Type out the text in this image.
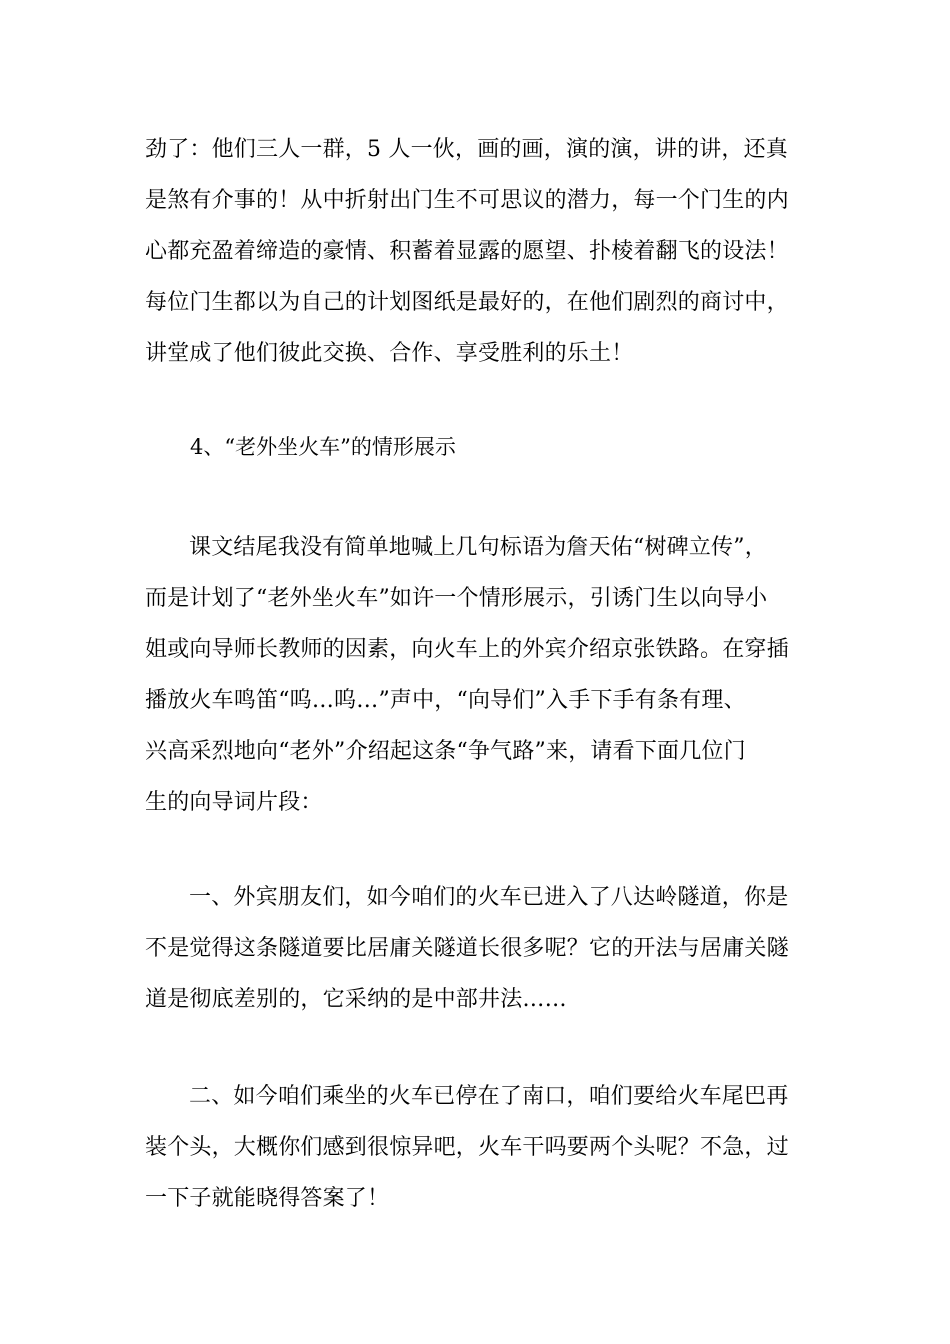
劲了：他们三人一群，5 人一伙，画的画，演的演，讲的讲，还真
是煞有介事的！从中折射出门生不可思议的潜力，每一个门生的内
心都充盈着缔造的豪情、积蓄着显露的愿望、扑棱着翻飞的设法！
每位门生都以为自己的计划图纸是最好的，在他们剧烈的商讨中，
讲堂成了他们彼此交换、合作、享受胜利的乐土！
4、“老外坐火车”的情形展示
课文结尾我没有简单地喊上几句标语为詹天佑“树碑立传”，
而是计划了“老外坐火车”如许一个情形展示，引诱门生以向导小
姐或向导师长教师的因素，向火车上的外宾介绍京张铁路。在穿插
播放火车鸣笛“呜…呜…”声中，“向导们”入手下手有条有理、
兴高采烈地向“老外”介绍起这条“争气路”来，请看下面几位门
生的向导词片段：
一、外宾朋友们，如今咱们的火车已进入了八达岭隧道，你是
不是觉得这条隧道要比居庸关隧道长很多呢？它的开法与居庸关隧
道是彻底差别的，它采纳的是中部井法……
二、如今咱们乘坐的火车已停在了南口，咱们要给火车尾巴再
装个头，大概你们感到很惊异吧，火车干吗要两个头呢？不急，过
一下子就能晓得答案了！
